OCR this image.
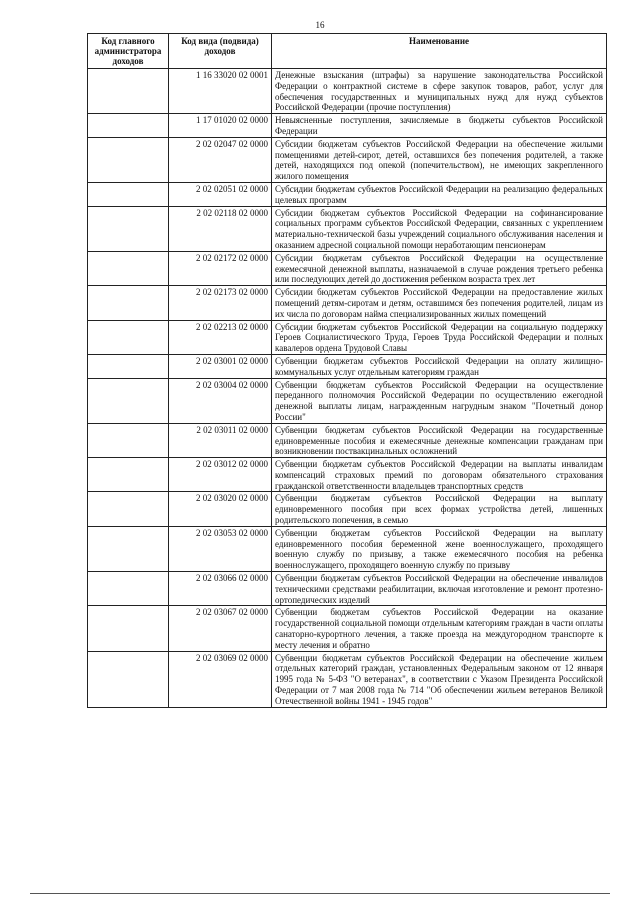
16
Код главного администратора доходов	Код вида (подвида) доходов	Наименование
	1 16 33020 02 0001	Денежные взыскания (штрафы) за нарушение законодательства Российской Федерации о контрактной системе в сфере закупок товаров, работ, услуг для обеспечения государственных и муниципальных нужд для нужд субъектов Российской Федерации (прочие поступления)
	1 17 01020 02 0000	Невыясненные поступления, зачисляемые в бюджеты субъектов Российской Федерации
	2 02 02047 02 0000	Субсидии бюджетам субъектов Российской Федерации на обеспечение жилыми помещениями детей-сирот, детей, оставшихся без попечения родителей, а также детей, находящихся под опекой (попечительством), не имеющих закрепленного жилого помещения
	2 02 02051 02 0000	Субсидии бюджетам субъектов Российской Федерации на реализацию федеральных целевых программ
	2 02 02118 02 0000	Субсидии бюджетам субъектов Российской Федерации на софинансирование социальных программ субъектов Российской Федерации, связанных с укреплением материально-технической базы учреждений социального обслуживания населения и оказанием адресной социальной помощи неработающим пенсионерам
	2 02 02172 02 0000	Субсидии бюджетам субъектов Российской Федерации на осуществление ежемесячной денежной выплаты, назначаемой в случае рождения третьего ребенка или последующих детей до достижения ребенком возраста трех лет
	2 02 02173 02 0000	Субсидии бюджетам субъектов Российской Федерации на предоставление жилых помещений детям-сиротам и детям, оставшимся без попечения родителей, лицам из их числа по договорам найма специализированных жилых помещений
	2 02 02213 02 0000	Субсидии бюджетам субъектов Российской Федерации на социальную поддержку Героев Социалистического Труда, Героев Труда Российской Федерации и полных кавалеров ордена Трудовой Славы
	2 02 03001 02 0000	Субвенции бюджетам субъектов Российской Федерации на оплату жилищно-коммунальных услуг отдельным категориям граждан
	2 02 03004 02 0000	Субвенции бюджетам субъектов Российской Федерации на осуществление переданного полномочия Российской Федерации по осуществлению ежегодной денежной выплаты лицам, награжденным нагрудным знаком "Почетный донор России"
	2 02 03011 02 0000	Субвенции бюджетам субъектов Российской Федерации на государственные единовременные пособия и ежемесячные денежные компенсации гражданам при возникновении поствакцинальных осложнений
	2 02 03012 02 0000	Субвенции бюджетам субъектов Российской Федерации на выплаты инвалидам компенсаций страховых премий по договорам обязательного страхования гражданской ответственности владельцев транспортных средств
	2 02 03020 02 0000	Субвенции бюджетам субъектов Российской Федерации на выплату единовременного пособия при всех формах устройства детей, лишенных родительского попечения, в семью
	2 02 03053 02 0000	Субвенции бюджетам субъектов Российской Федерации на выплату единовременного пособия беременной жене военнослужащего, проходящего военную службу по призыву, а также ежемесячного пособия на ребенка военнослужащего, проходящего военную службу по призыву
	2 02 03066 02 0000	Субвенции бюджетам субъектов Российской Федерации на обеспечение инвалидов техническими средствами реабилитации, включая изготовление и ремонт протезно-ортопедических изделий
	2 02 03067 02 0000	Субвенции бюджетам субъектов Российской Федерации на оказание государственной социальной помощи отдельным категориям граждан в части оплаты санаторно-курортного лечения, а также проезда на междугородном транспорте к месту лечения и обратно
	2 02 03069 02 0000	Субвенции бюджетам субъектов Российской Федерации на обеспечение жильем отдельных категорий граждан, установленных Федеральным законом от 12 января 1995 года № 5-ФЗ "О ветеранах", в соответствии с Указом Президента Российской Федерации от 7 мая 2008 года № 714 "Об обеспечении жильем ветеранов Великой Отечественной войны 1941 - 1945 годов"
